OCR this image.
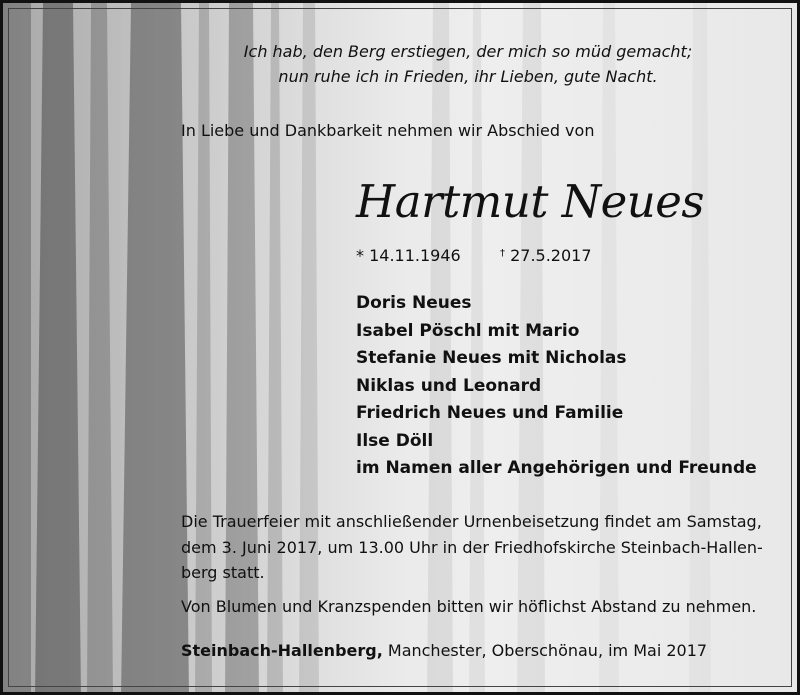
Ich hab, den Berg erstiegen, der mich so müd gemacht;
nun ruhe ich in Frieden, ihr Lieben, gute Nacht.
In Liebe und Dankbarkeit nehmen wir Abschied von
Hartmut Neues
* 14.11.1946	† 27.5.2017
Doris Neues
Isabel Pöschl mit Mario
Stefanie Neues mit Nicholas
Niklas und Leonard
Friedrich Neues und Familie
Ilse Döll
im Namen aller Angehörigen und Freunde
Die Trauerfeier mit anschließender Urnenbeisetzung findet am Samstag,
dem 3. Juni 2017, um 13.00 Uhr in der Friedhofskirche Steinbach-Hallen-
berg statt.
Von Blumen und Kranzspenden bitten wir höflichst Abstand zu nehmen.
Steinbach-Hallenberg, Manchester, Oberschönau, im Mai 2017
